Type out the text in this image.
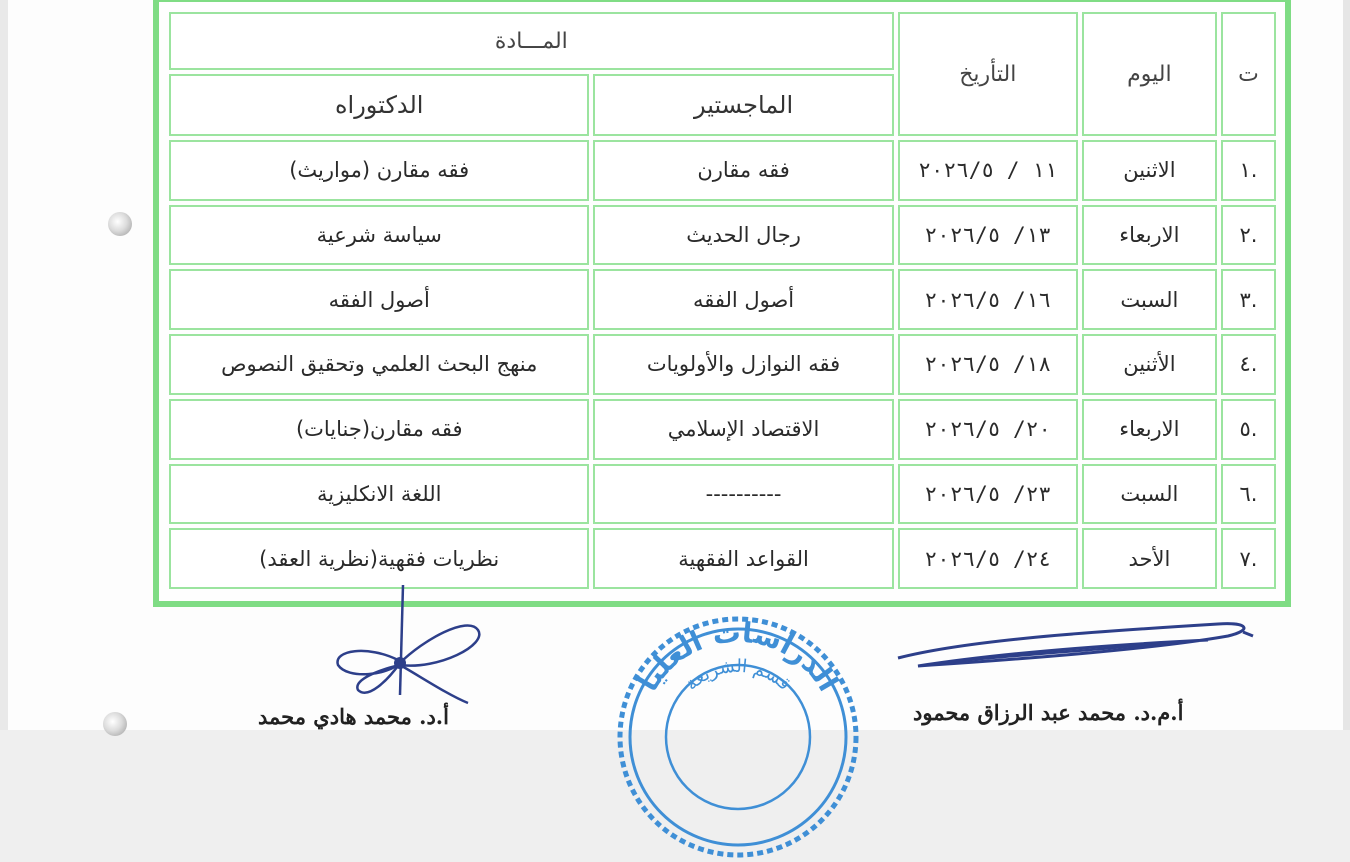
ت	اليوم	التأريخ	المـــادة	
			الماجستير	الدكتوراه
.١	الاثنين	١١ / ٢٠٢٦/٥	فقه مقارن	فقه مقارن (مواريث)
.٢	الاربعاء	١٣/ ٢٠٢٦/٥	رجال الحديث	سياسة شرعية
.٣	السبت	١٦/ ٢٠٢٦/٥	أصول الفقه	أصول الفقه
.٤	الأثنين	١٨/ ٢٠٢٦/٥	فقه النوازل والأولويات	منهج البحث العلمي وتحقيق النصوص
.٥	الاربعاء	٢٠/ ٢٠٢٦/٥	الاقتصاد الإسلامي	فقه مقارن(جنايات)
.٦	السبت	٢٣/ ٢٠٢٦/٥	----------	اللغة الانكليزية
.٧	الأحد	٢٤/ ٢٠٢٦/٥	القواعد الفقهية	نظريات فقهية(نظرية العقد)
أ.م.د. محمد عبد الرزاق محمود
أ.د. محمد هادي محمد
الدراسات العليا
قسم الشريعة
